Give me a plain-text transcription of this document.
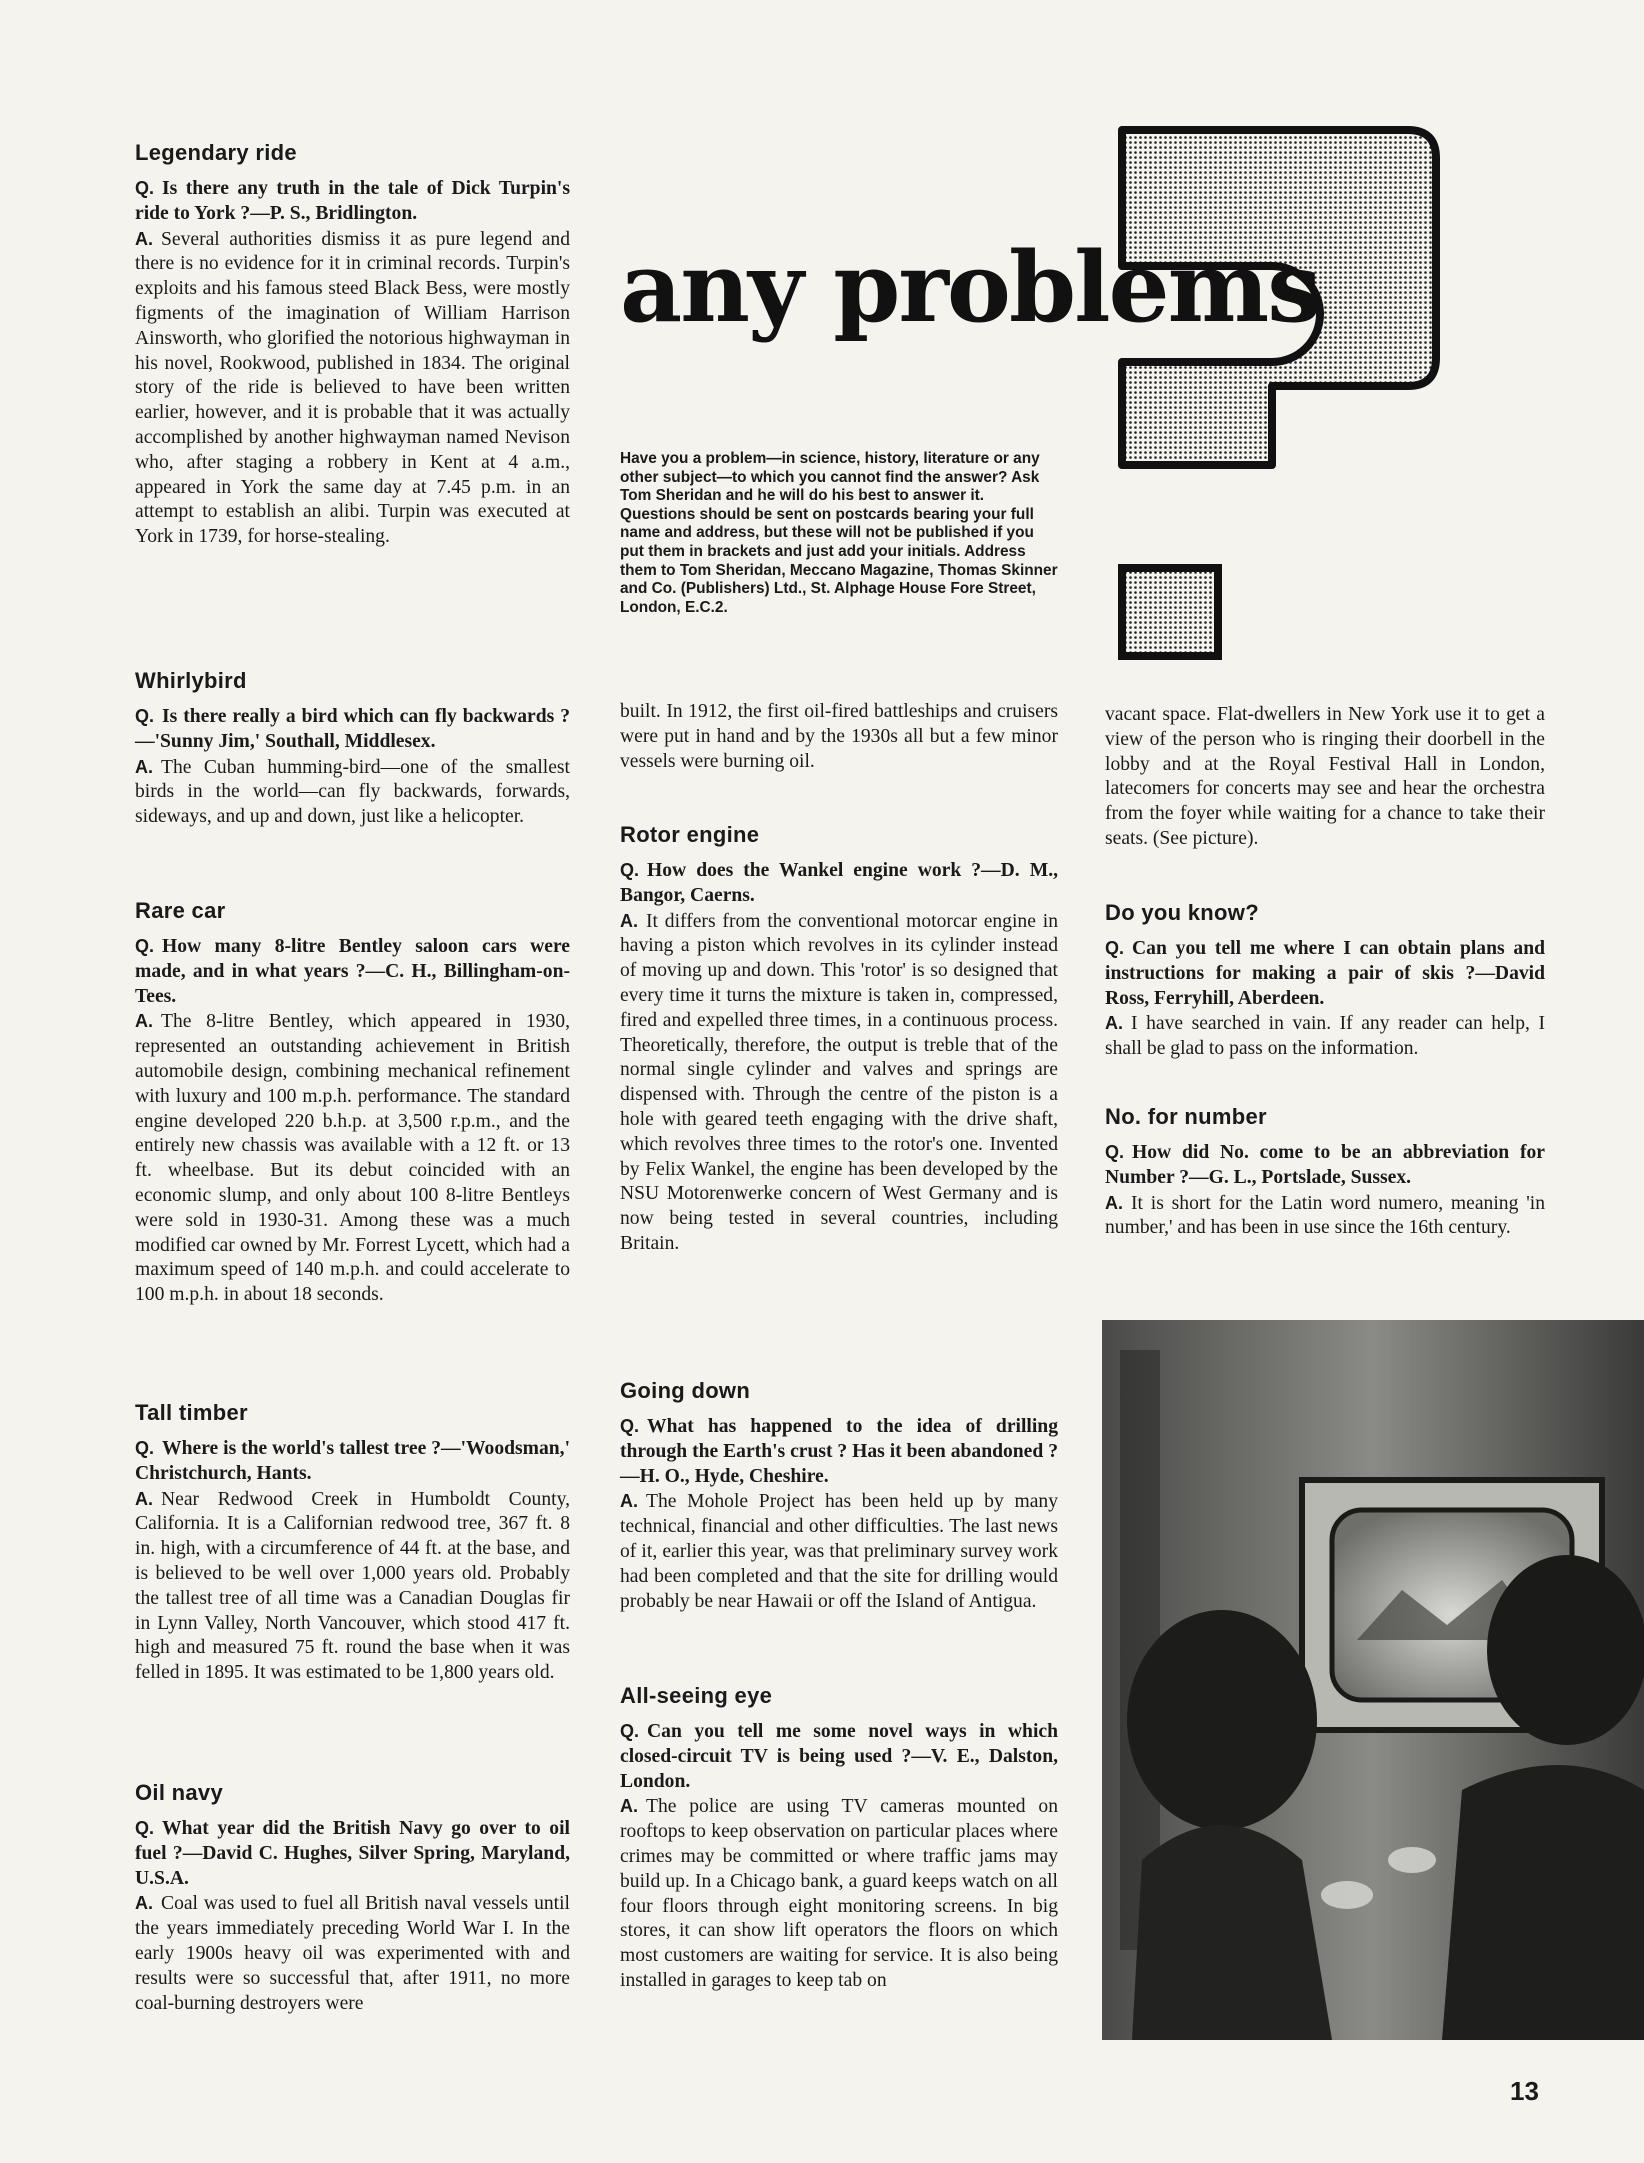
any problems

Have you a problem—in science, history, literature or any other subject—to which you cannot find the answer? Ask Tom Sheridan and he will do his best to answer it. Questions should be sent on postcards bearing your full name and address, but these will not be published if you put them in brackets and just add your initials. Address them to Tom Sheridan, Meccano Magazine, Thomas Skinner and Co. (Publishers) Ltd., St. Alphage House Fore Street, London, E.C.2.

Legendary ride

Q. Is there any truth in the tale of Dick Turpin's ride to York ?—P. S., Bridlington.

A. Several authorities dismiss it as pure legend and there is no evidence for it in criminal records. Turpin's exploits and his famous steed Black Bess, were mostly figments of the imagination of William Harrison Ainsworth, who glorified the notorious highwayman in his novel, Rookwood, published in 1834. The original story of the ride is believed to have been written earlier, however, and it is probable that it was actually accomplished by another highwayman named Nevison who, after staging a robbery in Kent at 4 a.m., appeared in York the same day at 7.45 p.m. in an attempt to establish an alibi. Turpin was executed at York in 1739, for horse-stealing.

Whirlybird

Q. Is there really a bird which can fly backwards ?—'Sunny Jim,' Southall, Middlesex.

A. The Cuban humming-bird—one of the smallest birds in the world—can fly backwards, forwards, sideways, and up and down, just like a helicopter.

Rare car

Q. How many 8-litre Bentley saloon cars were made, and in what years ?—C. H., Billingham-on-Tees.

A. The 8-litre Bentley, which appeared in 1930, represented an outstanding achievement in British automobile design, combining mechanical refinement with luxury and 100 m.p.h. performance. The standard engine developed 220 b.h.p. at 3,500 r.p.m., and the entirely new chassis was available with a 12 ft. or 13 ft. wheelbase. But its debut coincided with an economic slump, and only about 100 8-litre Bentleys were sold in 1930-31. Among these was a much modified car owned by Mr. Forrest Lycett, which had a maximum speed of 140 m.p.h. and could accelerate to 100 m.p.h. in about 18 seconds.

Tall timber

Q. Where is the world's tallest tree ?—'Woodsman,' Christchurch, Hants.

A. Near Redwood Creek in Humboldt County, California. It is a Californian redwood tree, 367 ft. 8 in. high, with a circumference of 44 ft. at the base, and is believed to be well over 1,000 years old. Probably the tallest tree of all time was a Canadian Douglas fir in Lynn Valley, North Vancouver, which stood 417 ft. high and measured 75 ft. round the base when it was felled in 1895. It was estimated to be 1,800 years old.

Oil navy

Q. What year did the British Navy go over to oil fuel ?—David C. Hughes, Silver Spring, Maryland, U.S.A.

A. Coal was used to fuel all British naval vessels until the years immediately preceding World War I. In the early 1900s heavy oil was experimented with and results were so successful that, after 1911, no more coal-burning destroyers were

built. In 1912, the first oil-fired battleships and cruisers were put in hand and by the 1930s all but a few minor vessels were burning oil.

Rotor engine

Q. How does the Wankel engine work ?—D. M., Bangor, Caerns.

A. It differs from the conventional motorcar engine in having a piston which revolves in its cylinder instead of moving up and down. This 'rotor' is so designed that every time it turns the mixture is taken in, compressed, fired and expelled three times, in a continuous process. Theoretically, therefore, the output is treble that of the normal single cylinder and valves and springs are dispensed with. Through the centre of the piston is a hole with geared teeth engaging with the drive shaft, which revolves three times to the rotor's one. Invented by Felix Wankel, the engine has been developed by the NSU Motorenwerke concern of West Germany and is now being tested in several countries, including Britain.

Going down

Q. What has happened to the idea of drilling through the Earth's crust ? Has it been abandoned ?—H. O., Hyde, Cheshire.

A. The Mohole Project has been held up by many technical, financial and other difficulties. The last news of it, earlier this year, was that preliminary survey work had been completed and that the site for drilling would probably be near Hawaii or off the Island of Antigua.

All-seeing eye

Q. Can you tell me some novel ways in which closed-circuit TV is being used ?—V. E., Dalston, London.

A. The police are using TV cameras mounted on rooftops to keep observation on particular places where crimes may be committed or where traffic jams may build up. In a Chicago bank, a guard keeps watch on all four floors through eight monitoring screens. In big stores, it can show lift operators the floors on which most customers are waiting for service. It is also being installed in garages to keep tab on

vacant space. Flat-dwellers in New York use it to get a view of the person who is ringing their doorbell in the lobby and at the Royal Festival Hall in London, latecomers for concerts may see and hear the orchestra from the foyer while waiting for a chance to take their seats. (See picture).

Do you know?

Q. Can you tell me where I can obtain plans and instructions for making a pair of skis ?—David Ross, Ferryhill, Aberdeen.

A. I have searched in vain. If any reader can help, I shall be glad to pass on the information.

No. for number

Q. How did No. come to be an abbreviation for Number ?—G. L., Portslade, Sussex.

A. It is short for the Latin word numero, meaning 'in number,' and has been in use since the 16th century.

13
